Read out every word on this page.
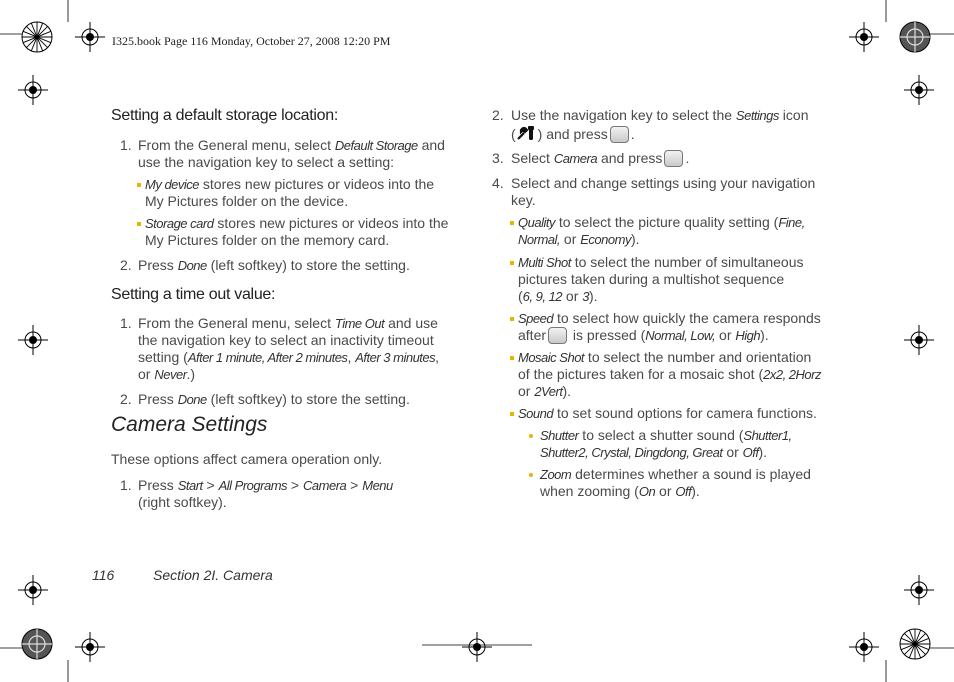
I325.book Page 116 Monday, October 27, 2008 12:20 PM
Setting a default storage location:
1. From the General menu, select Default Storage and
use the navigation key to select a setting:
My device stores new pictures or videos into the
My Pictures folder on the device.
Storage card stores new pictures or videos into the
My Pictures folder on the memory card.
2. Press Done (left softkey) to store the setting.
Setting a time out value:
1. From the General menu, select Time Out and use
the navigation key to select an inactivity timeout
setting (After 1 minute, After 2 minutes, After 3 minutes,
or Never.)
2. Press Done (left softkey) to store the setting.
Camera Settings
These options affect camera operation only.
1. Press Start > All Programs > Camera > Menu
(right softkey).
2. Use the navigation key to select the Settings icon
( ) and press .
3. Select Camera and press .
4. Select and change settings using your navigation
key.
Quality to select the picture quality setting (Fine,
Normal, or Economy).
Multi Shot to select the number of simultaneous
pictures taken during a multishot sequence
(6, 9, 12 or 3).
Speed to select how quickly the camera responds
after is pressed (Normal, Low, or High).
Mosaic Shot to select the number and orientation
of the pictures taken for a mosaic shot (2x2, 2Horz
or 2Vert).
Sound to set sound options for camera functions.
Shutter to select a shutter sound (Shutter1,
Shutter2, Crystal, Dingdong, Great or Off).
Zoom determines whether a sound is played
when zooming (On or Off).
116	Section 2I. Camera
